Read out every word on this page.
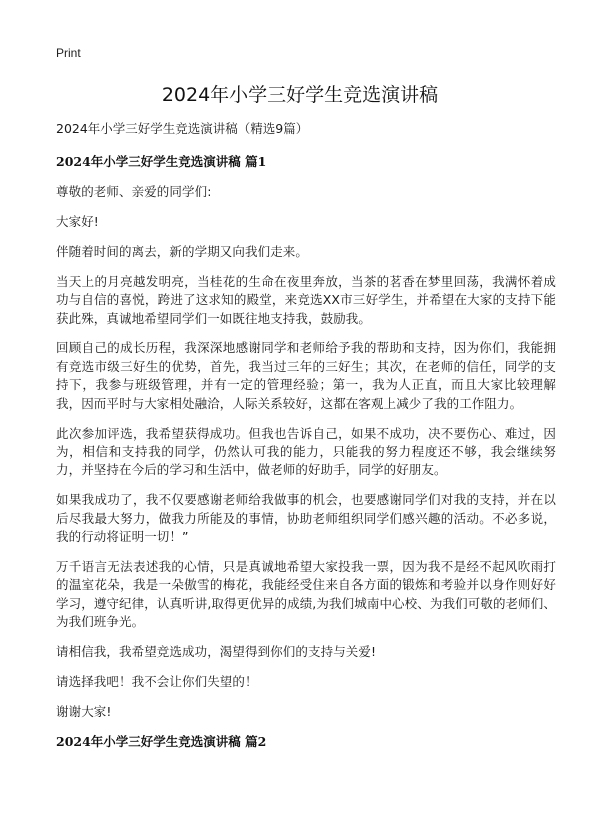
Print
2024年小学三好学生竞选演讲稿

2024年小学三好学生竞选演讲稿（精选9篇）

2024年小学三好学生竞选演讲稿 篇1

尊敬的老师、亲爱的同学们:

大家好!

伴随着时间的离去，新的学期又向我们走来。

当天上的月亮越发明亮，当桂花的生命在夜里奔放，当茶的茗香在梦里回荡，我满怀着成功与自信的喜悦，跨进了这求知的殿堂，来竞选XX市三好学生，并希望在大家的支持下能获此殊，真诚地希望同学们一如既往地支持我，鼓励我。

回顾自己的成长历程，我深深地感谢同学和老师给予我的帮助和支持，因为你们，我能拥有竞选市级三好生的优势，首先，我当过三年的三好生；其次，在老师的信任，同学的支持下，我参与班级管理，并有一定的管理经验；第一，我为人正直，而且大家比较理解我，因而平时与大家相处融洽，人际关系较好，这都在客观上减少了我的工作阻力。

此次参加评选，我希望获得成功。但我也告诉自己，如果不成功，决不要伤心、难过，因为，相信和支持我的同学，仍然认可我的能力，只能我的努力程度还不够，我会继续努力，并坚持在今后的学习和生活中，做老师的好助手，同学的好朋友。

如果我成功了，我不仅要感谢老师给我做事的机会，也要感谢同学们对我的支持，并在以后尽我最大努力，做我力所能及的事情，协助老师组织同学们感兴趣的活动。不必多说，我的行动将证明一切！”

万千语言无法表述我的心情，只是真诚地希望大家投我一票，因为我不是经不起风吹雨打的温室花朵，我是一朵傲雪的梅花，我能经受住来自各方面的锻炼和考验并以身作则好好学习，遵守纪律，认真听讲,取得更优异的成绩,为我们城南中心校、为我们可敬的老师们、为我们班争光。

请相信我，我希望竞选成功，渴望得到你们的支持与关爱!

请选择我吧！我不会让你们失望的！

谢谢大家!

2024年小学三好学生竞选演讲稿 篇2
